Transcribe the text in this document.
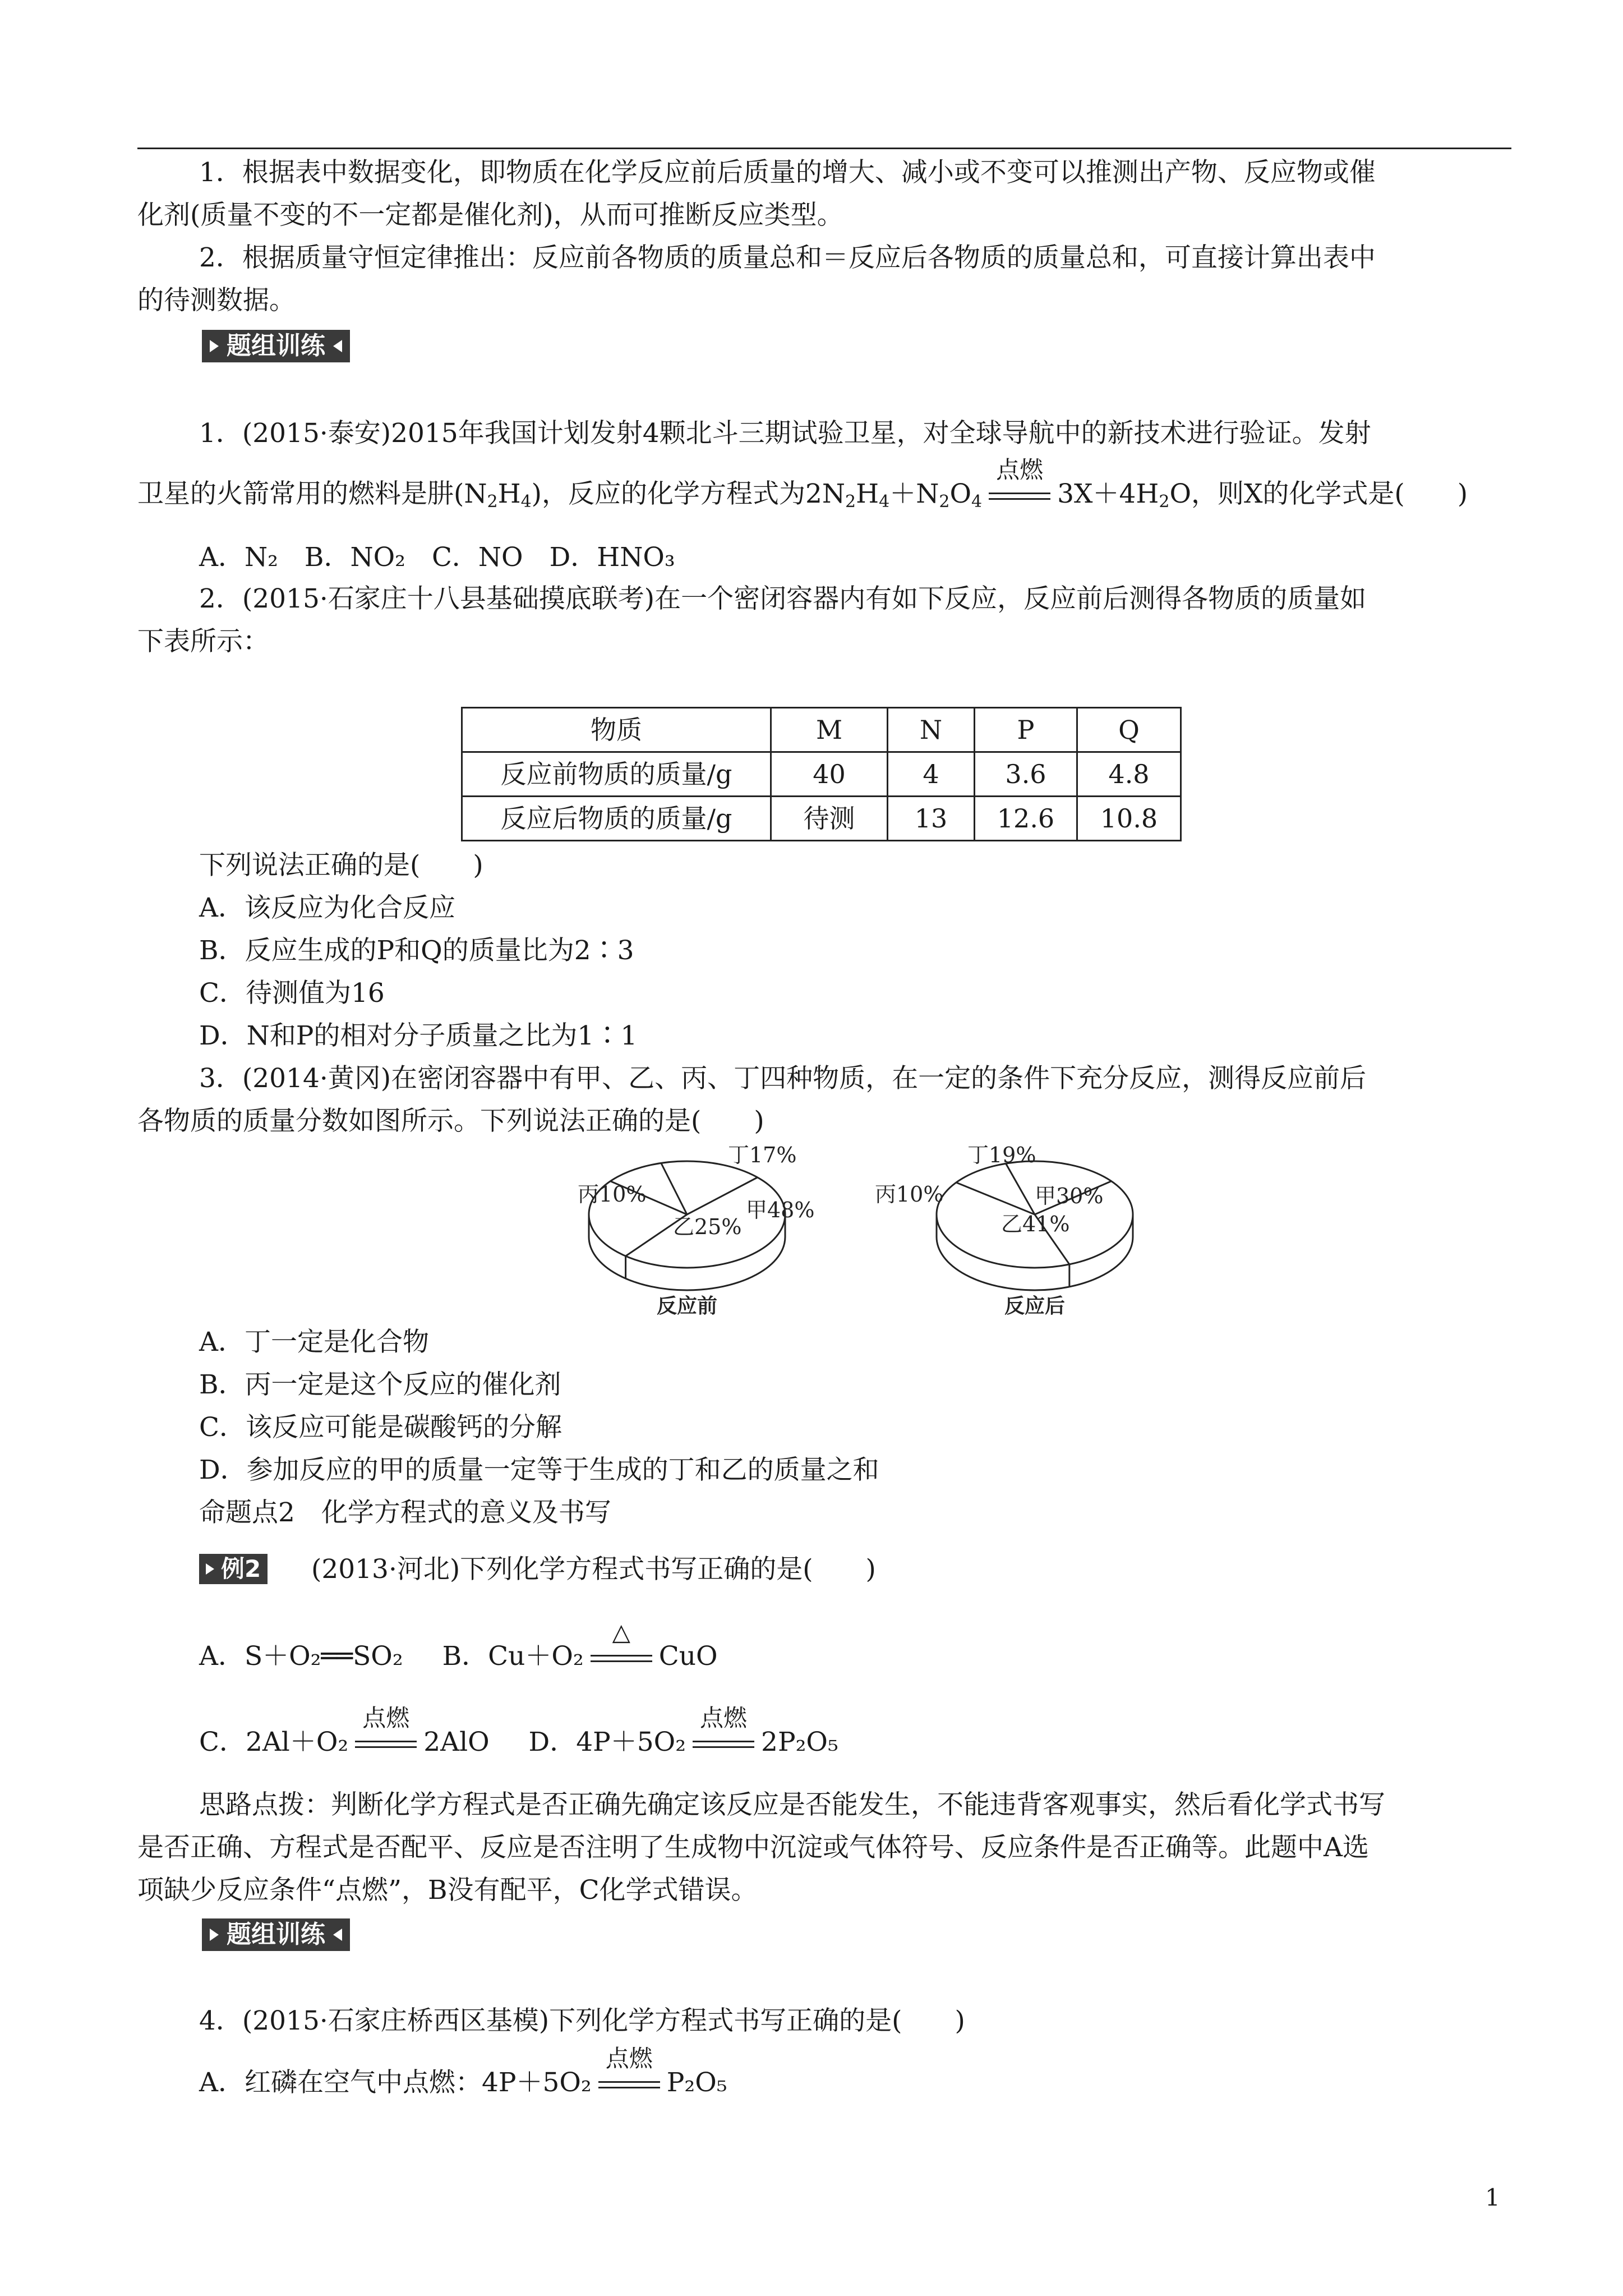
1．根据表中数据变化，即物质在化学反应前后质量的增大、减小或不变可以推测出产物、反应物或催
化剂(质量不变的不一定都是催化剂)，从而可推断反应类型。
2．根据质量守恒定律推出：反应前各物质的质量总和＝反应后各物质的质量总和，可直接计算出表中
的待测数据。
题组训练
1．(2015·泰安)2015年我国计划发射4颗北斗三期试验卫星，对全球导航中的新技术进行验证。发射
卫星的火箭常用的燃料是肼$(N_2H_4)$，反应的化学方程式为$2N_2H_4+N_2O_4$
点燃
$3X+4H_2O$，则X的化学式是(　　)
A．N₂　B．NO₂　C．NO　D．HNO₃
2．(2015·石家庄十八县基础摸底联考)在一个密闭容器内有如下反应，反应前后测得各物质的质量如
下表所示：
物质	M	N	P	Q
反应前物质的质量/g	40	4	3.6	4.8
反应后物质的质量/g	待测	13	12.6	10.8
下列说法正确的是(　　)
A．该反应为化合反应
B．反应生成的P和Q的质量比为2∶3
C．待测值为16
D．N和P的相对分子质量之比为1∶1
3．(2014·黄冈)在密闭容器中有甲、乙、丙、丁四种物质，在一定的条件下充分反应，测得反应前后
各物质的质量分数如图所示。下列说法正确的是(　　)
反应前
丁17%
丙10%
乙25%
甲48%
反应后
丁19%
丙10%
乙41%
甲30%
A．丁一定是化合物
B．丙一定是这个反应的催化剂
C．该反应可能是碳酸钙的分解
D．参加反应的甲的质量一定等于生成的丁和乙的质量之和
命题点2　化学方程式的意义及书写
例2 (2013·河北)下列化学方程式书写正确的是(　　)
A．S＋O₂══SO₂ B．Cu＋O₂
△
CuO
C．2Al＋O₂
点燃
2AlO D．4P＋5O₂
点燃
2P₂O₅
思路点拨：判断化学方程式是否正确先确定该反应是否能发生，不能违背客观事实，然后看化学式书写
是否正确、方程式是否配平、反应是否注明了生成物中沉淀或气体符号、反应条件是否正确等。此题中A选
项缺少反应条件“点燃”，B没有配平，C化学式错误。
题组训练
4．(2015·石家庄桥西区基模)下列化学方程式书写正确的是(　　)
A．红磷在空气中点燃：4P＋5O₂
点燃
P₂O₅
1
